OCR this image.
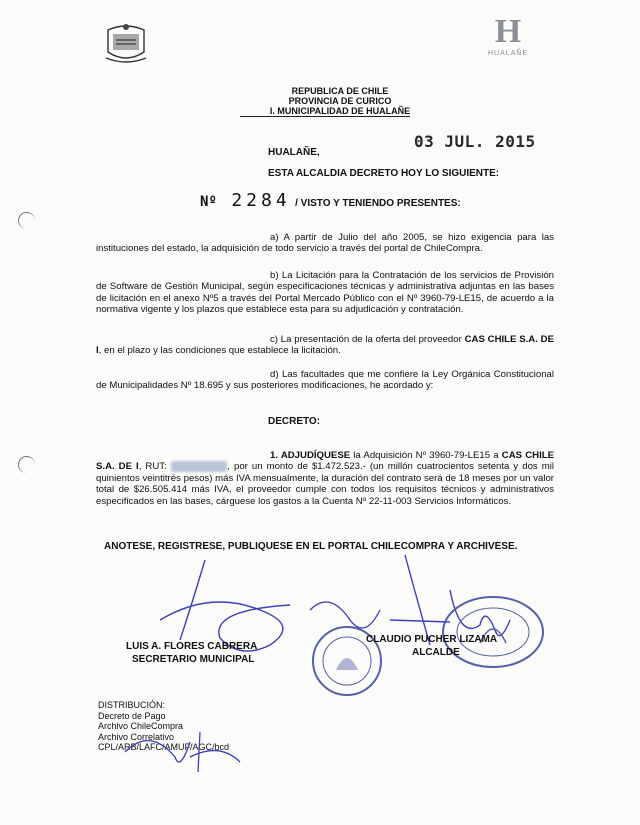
H
HUALAÑE
REPUBLICA DE CHILE
PROVINCIA DE CURICO
I. MUNICIPALIDAD DE HUALAÑE
HUALAÑE,
03 JUL. 2015
ESTA ALCALDIA DECRETO HOY LO SIGUIENTE:
Nº 2284 / VISTO Y TENIENDO PRESENTES:
a) A partir de Julio del año 2005, se hizo exigencia para las instituciones del estado, la adquisición de todo servicio a través del portal de ChileCompra.
b) La Licitación para la Contratación de los servicios de Provisión de Software de Gestión Municipal, según especificaciones técnicas y administrativa adjuntas en las bases de licitación en el anexo Nº5 a través del Portal Mercado Público con el Nº 3960-79-LE15, de acuerdo a la normativa vigente y los plazos que establece esta para su adjudicación y contratación.
c) La presentación de la oferta del proveedor CAS CHILE S.A. DE I, en el plazo y las condiciones que establece la licitación.
d) Las facultades que me confiere la Ley Orgánica Constitucional de Municipalidades Nº 18.695 y sus posteriores modificaciones, he acordado y:
DECRETO:
1. ADJUDÍQUESE la Adquisición Nº 3960-79-LE15 a CAS CHILE S.A. DE I, RUT:	, por un monto de $1.472.523.- (un millón cuatrocientos setenta y dos mil quinientos veintitrés pesos) más IVA mensualmente, la duración del contrato será de 18 meses por un valor total de $26.505.414 más IVA, el proveedor cumple con todos los requisitos técnicos y administrativos especificados en las bases, cárguese los gastos a la Cuenta Nº 22-11-003 Servicios Informáticos.
ANOTESE, REGISTRESE, PUBLIQUESE EN EL PORTAL CHILECOMPRA Y ARCHIVESE.
LUIS A. FLORES CABRERA
SECRETARIO MUNICIPAL
CLAUDIO PUCHER LIZAMA
ALCALDE
DISTRIBUCIÓN:
Decreto de Pago
Archivo ChileCompra
Archivo Correlativo
CPL/ARB/LAFC/AMUF/AGC/bcd
